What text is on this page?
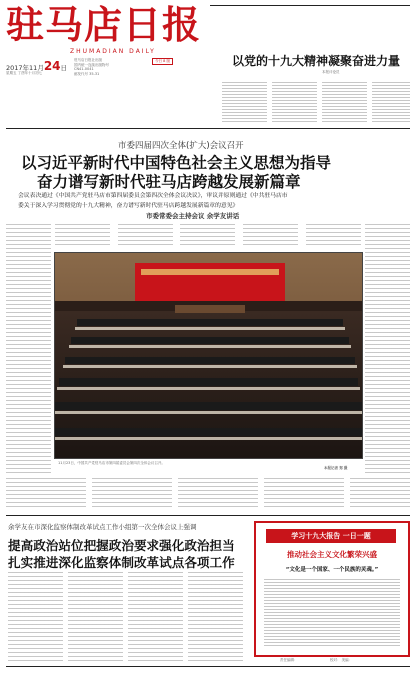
驻马店日报
ZHUMADIAN DAILY
2017年11月24日
星期五 丁酉年十月初七
驻马店日报社出版
国内统一连续出版物号
CN41-0041
邮发代号 35-31
今日 8 版	以党的十九大精神凝聚奋进力量
本报评论员
市委四届四次全体(扩大)会议召开
以习近平新时代中国特色社会主义思想为指导
奋力谱写新时代驻马店跨越发展新篇章
会议表决通过《中国共产党驻马店市第四届委员会第四次全体会议决议》，审议并原则通过《中共驻马店市
委关于深入学习贯彻党的十九大精神，奋力谱写新时代驻马店跨越发展新篇章的意见》
市委常委会主持会议 余学友讲话
11月23日，中国共产党驻马店市第四届委员会第四次全体会议召开。
本报记者 郑 摄
余学友在市深化监察体制改革试点工作小组第一次全体会议上强调
提高政治站位把握政治要求强化政治担当
扎实推进深化监察体制改革试点各项工作
学习十九大报告 一日一题
推动社会主义文化繁荣兴盛
“文化是一个国家、一个民族的灵魂。”
责任编辑：	校对： 美编：
